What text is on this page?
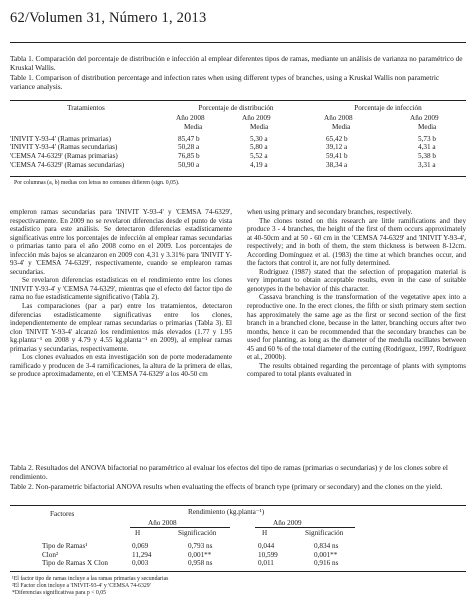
62/Volumen 31, Número 1, 2013
Tabla 1. Comparación del porcentaje de distribución e infección al emplear diferentes tipos de ramas, mediante un análisis de varianza no paramétrico de Kruskal Wallis.
Table 1. Comparison of distribution percentage and infection rates when using different types of branches, using a Kruskal Wallis non parametric variance analysis.
Tratamientos	Porcentaje de distribución		Porcentaje de infección	
	Año 2008	Año 2009	Año 2008	Año 2009
	Media	Media	Media	Media
'INIVIT Y-93-4' (Ramas primarias)	85,47 b	5,30 a	65,42 b	5,73 b
'INIVIT Y-93-4' (Ramas secundarias)	50,28 a	5,80 a	39,12 a	4,31 a
'CEMSA 74-6329' (Ramas primarias)	76,85 b	5,52 a	59,41 b	5,38 b
'CEMSA 74-6329' (Ramas secundarias)	50,90 a	4,19 a	38,34 a	3,31 a
Por columnas (a, b) medias con letras no comunes difieren (sign. 0,05).

empleron ramas secundarias para 'INIVIT Y-93-4' y 'CEMSA 74-6329', respectivamente. En 2009 no se revelaron diferencias desde el punto de vista estadístico para este análisis. Se detectaron diferencias estadísticamente significativas entre los porcentajes de infección al emplear ramas secundarias o primarias tanto para el año 2008 como en el 2009. Los porcentajes de infección más bajos se alcanzaron en 2009 con 4,31 y 3.31% para 'INIVIT Y-93-4' y 'CEMSA 74-6329', respectivamente, cuando se emplearon ramas secundarias.

Se revelaron diferencias estadísticas en el rendimiento entre los clones 'INIVIT Y-93-4' y 'CEMSA 74-6329', mientras que el efecto del factor tipo de rama no fue estadísticamente significativo (Tabla 2).

Las comparaciones (par a par) entre los tratamientos, detectaron diferencias estadísticamente significativas entre los clones, independientemente de emplear ramas secundarias o primarias (Tabla 3). El clon 'INIVIT Y-93-4' alcanzó los rendimientos más elevados (1.77 y 1.95 kg.planta⁻¹ en 2008 y 4.79 y 4.55 kg.planta⁻¹ en 2009), al emplear ramas primarias y secundarias, respectivamente.

Los clones evaluados en esta investigación son de porte moderadamente ramificado y producen de 3-4 ramificaciones, la altura de la primera de ellas, se produce aproximadamente, en el 'CEMSA 74-6329' a los 40-50 cm

when using primary and secondary branches, respectively.

The clones tested on this research are little ramifications and they produce 3 - 4 branches, the height of the first of them occurs approximately at 40-50cm and at 50 - 60 cm in the 'CEMSA 74-6329' and 'INIVIT Y-93-4', respectively; and in both of them, the stem thickness is between 8-12cm. According Domínguez et al. (1983) the time at which branches occur, and the factors that control it, are not fully determined.

Rodríguez (1987) stated that the selection of propagation material is very important to obtain acceptable results, even in the case of suitable genotypes in the behavior of this character.

Cassava branching is the transformation of the vegetative apex into a reproductive one. In the erect clones, the fifth or sixth primary stem section has approximately the same age as the first or second section of the first branch in a branched clone, because in the latter, branching occurs after two months, hence it can be recommended that the secondary branches can be used for planting, as long as the diameter of the medulla oscillates between 45 and 60 % of the total diameter of the cutting (Rodríguez, 1997, Rodríguez et al., 2000b).

The results obtained regarding the percentage of plants with symptoms compared to total plants evaluated in

Tabla 2. Resultados del ANOVA bifactorial no paramétrico al evaluar los efectos del tipo de ramas (primarias o secundarias) y de los clones sobre el rendimiento.
Table 2. Non-parametric bifactorial ANOVA results when evaluating the effects of branch type (primary or secondary) and the clones on the yield.
Factores	Rendimiento (kg.planta⁻¹)
Año 2008	Año 2009
H	Significación	H	Significación
Tipo de Ramas¹	0,069	0,793 ns	0,044	0,834 ns
Clon²	11,294	0,001**	10,599	0,001**
Tipo de Ramas X Clon	0,003	0,958 ns	0,011	0,916 ns
¹El factor tipo de ramas incluye a las ramas primarias y secundarias
²El Factor clon incluye a 'INIVIT-93-4' y 'CEMSA 74-6329'
*Diferencias significativas para p < 0,05
